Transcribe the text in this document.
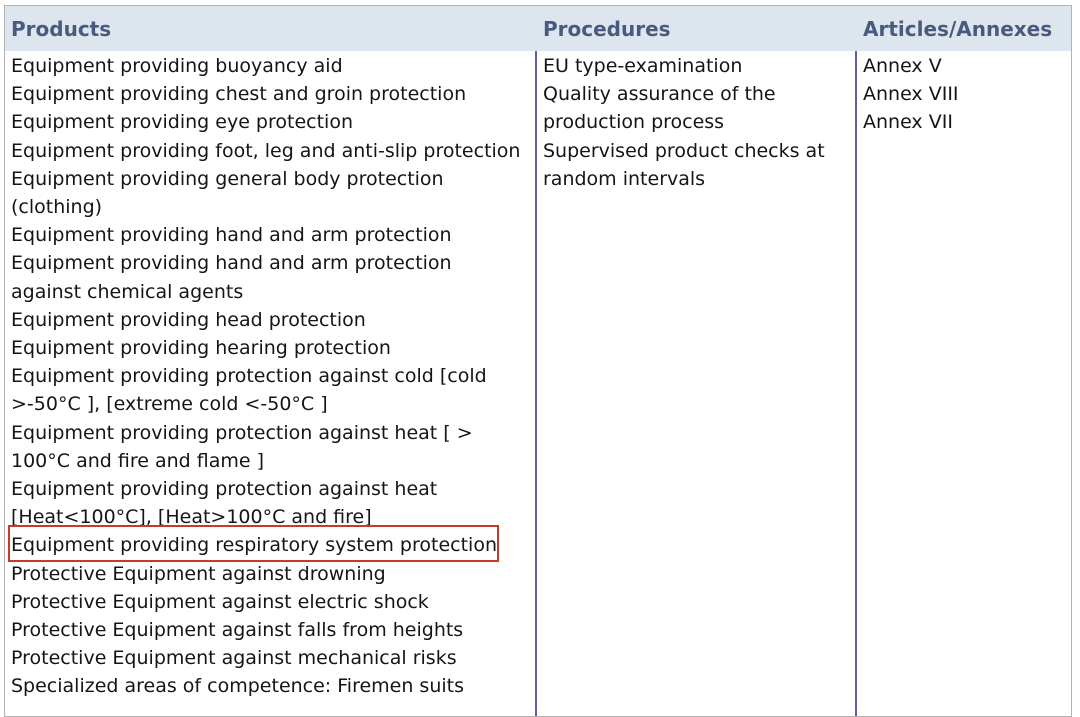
Products	Procedures	Articles/Annexes
Equipment providing buoyancy aid
Equipment providing chest and groin protection
Equipment providing eye protection
Equipment providing foot, leg and anti-slip protection
Equipment providing general body protection
(clothing)
Equipment providing hand and arm protection
Equipment providing hand and arm protection
against chemical agents
Equipment providing head protection
Equipment providing hearing protection
Equipment providing protection against cold [cold
>-50°C ], [extreme cold <-50°C ]
Equipment providing protection against heat [ >
100°C and fire and flame ]
Equipment providing protection against heat
[Heat<100°C], [Heat>100°C and fire]
Equipment providing respiratory system protection
Protective Equipment against drowning
Protective Equipment against electric shock
Protective Equipment against falls from heights
Protective Equipment against mechanical risks
Specialized areas of competence: Firemen suits
EU type-examination
Quality assurance of the
production process
Supervised product checks at
random intervals
Annex V
Annex VIII
Annex VII
